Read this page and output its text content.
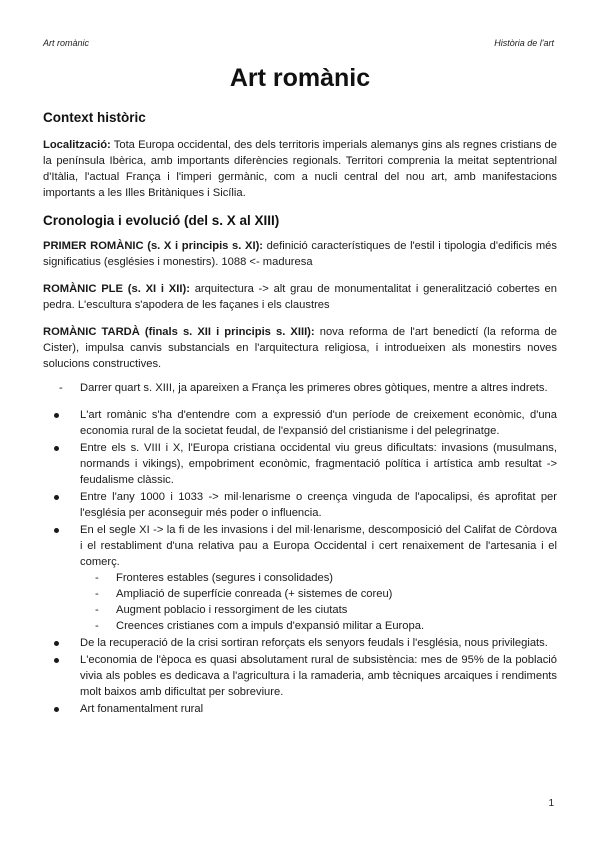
Art romànic	Història de l'art
Art romànic
Context històric

Localització: Tota Europa occidental, des dels territoris imperials alemanys gins als regnes cristians de la península Ibèrica, amb importants diferències regionals. Territori comprenia la meitat septentrional d'Itàlia, l'actual França i l'imperi germànic, com a nucli central del nou art, amb manifestacions importants a les Illes Britàniques i Sicília.

Cronologia i evolució (del s. X al XIII)

PRIMER ROMÀNIC (s. X i principis s. XI): definició característiques de l'estil i tipologia d'edificis més significatius (esglésies i monestirs). 1088 <- maduresa

ROMÀNIC PLE (s. XI i XII): arquitectura -> alt grau de monumentalitat i generalització cobertes en pedra. L'escultura s'apodera de les façanes i els claustres

ROMÀNIC TARDÀ (finals s. XII i principis s. XIII): nova reforma de l'art benedictí (la reforma de Cister), impulsa canvis substancials en l'arquitectura religiosa, i introdueixen als monestirs noves solucions constructives.

- Darrer quart s. XIII, ja apareixen a França les primeres obres gòtiques, mentre a altres indrets.
L'art romànic s'ha d'entendre com a expressió d'un període de creixement econòmic, d'una economia rural de la societat feudal, de l'expansió del cristianisme i del pelegrinatge.
Entre els s. VIII i X, l'Europa cristiana occidental viu greus dificultats: invasions (musulmans, normands i vikings), empobriment econòmic, fragmentació política i artística amb resultat -> feudalisme clàssic.
Entre l'any 1000 i 1033 -> mil·lenarisme o creença vinguda de l'apocalipsi, és aprofitat per l'església per aconseguir més poder o influencia.
En el segle XI -> la fi de les invasions i del mil·lenarisme, descomposició del Califat de Còrdova i el restabliment d'una relativa pau a Europa Occidental i cert renaixement de l'artesania i el comerç.
- Fronteres estables (segures i consolidades)
- Ampliació de superfície conreada (+ sistemes de coreu)
- Augment poblacio i ressorgiment de les ciutats
- Creences cristianes com a impuls d'expansió militar a Europa.
De la recuperació de la crisi sortiran reforçats els senyors feudals i l'església, nous privilegiats.
L'economia de l'època es quasi absolutament rural de subsistència: mes de 95% de la població vivia als pobles es dedicava a l'agricultura i la ramaderia, amb tècniques arcaiques i rendiments molt baixos amb dificultat per sobreviure.
Art fonamentalment rural
1
